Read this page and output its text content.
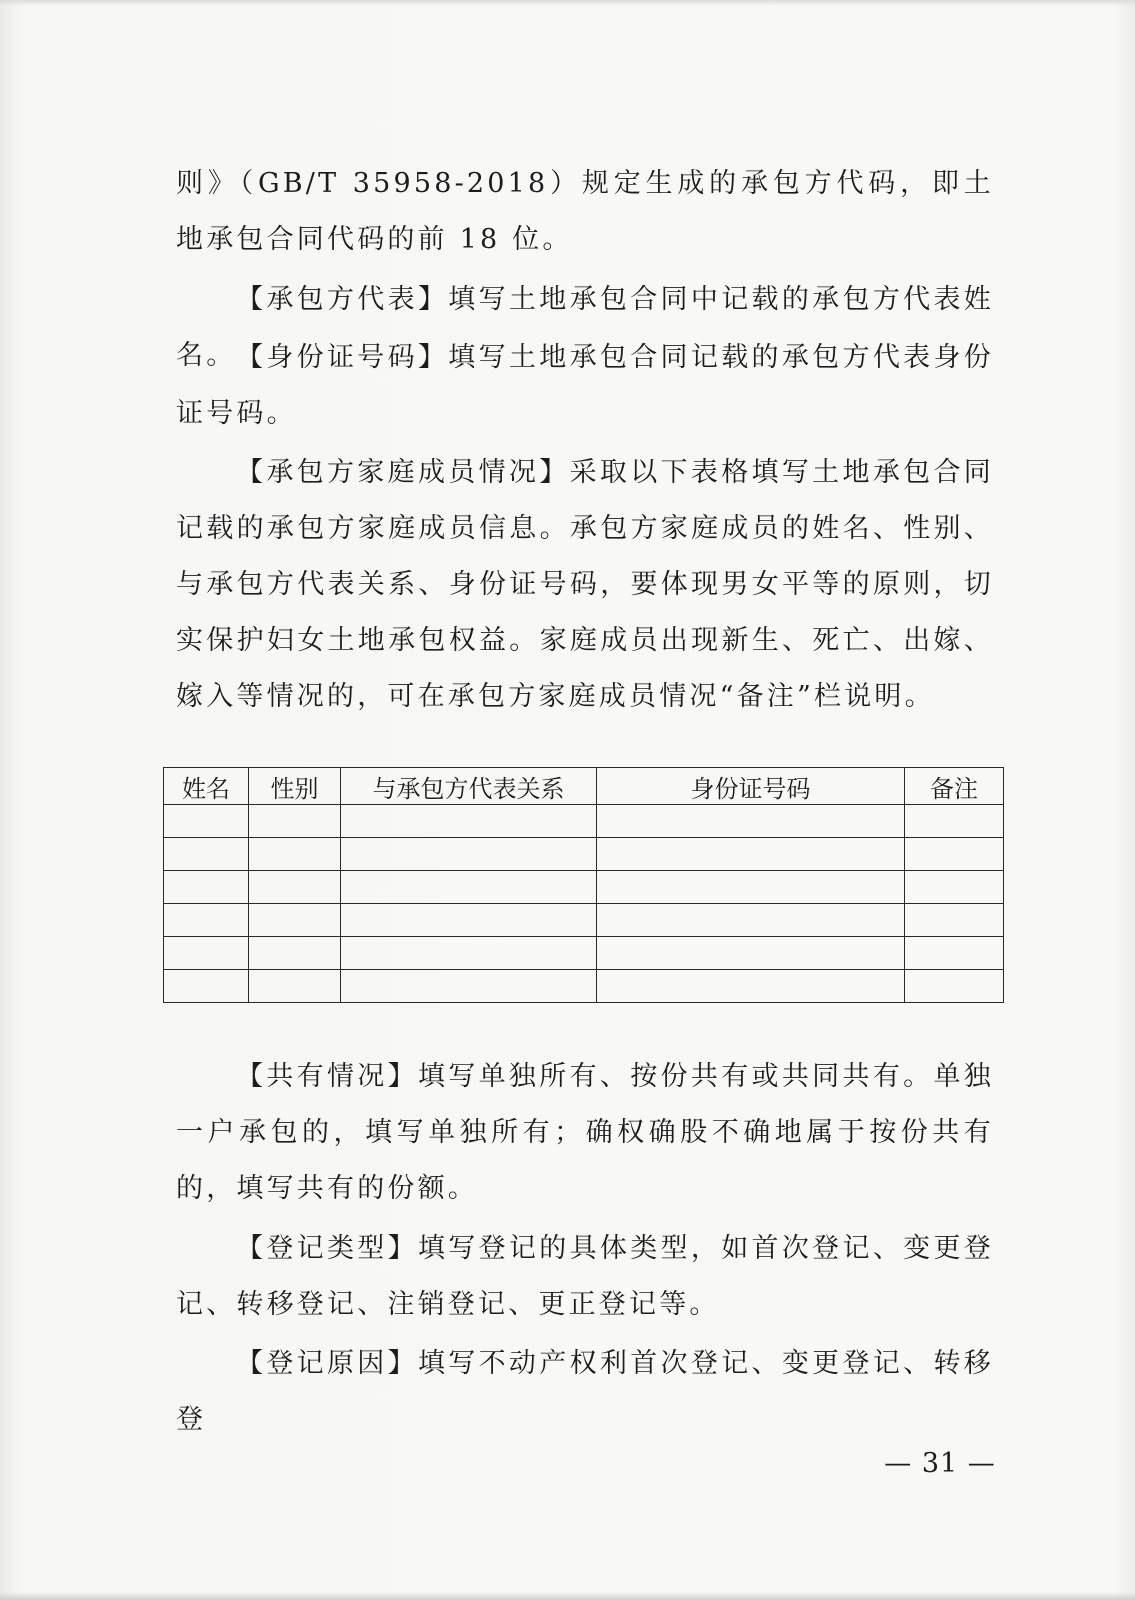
则》（GB/T 35958-2018）规定生成的承包方代码，即土地承包合同代码的前 18 位。

【承包方代表】填写土地承包合同中记载的承包方代表姓名。 【身份证号码】填写土地承包合同记载的承包方代表身份证号码。

【承包方家庭成员情况】采取以下表格填写土地承包合同记载的承包方家庭成员信息。承包方家庭成员的姓名、性别、与承包方代表关系、身份证号码，要体现男女平等的原则，切实保护妇女土地承包权益。家庭成员出现新生、死亡、出嫁、嫁入等情况的，可在承包方家庭成员情况“备注”栏说明。

姓名	性别	与承包方代表关系	身份证号码	备注

【共有情况】填写单独所有、按份共有或共同共有。单独一户承包的，填写单独所有；确权确股不确地属于按份共有的，填写共有的份额。

【登记类型】填写登记的具体类型，如首次登记、变更登记、转移登记、注销登记、更正登记等。

【登记原因】填写不动产权利首次登记、变更登记、转移登

— 31 —
